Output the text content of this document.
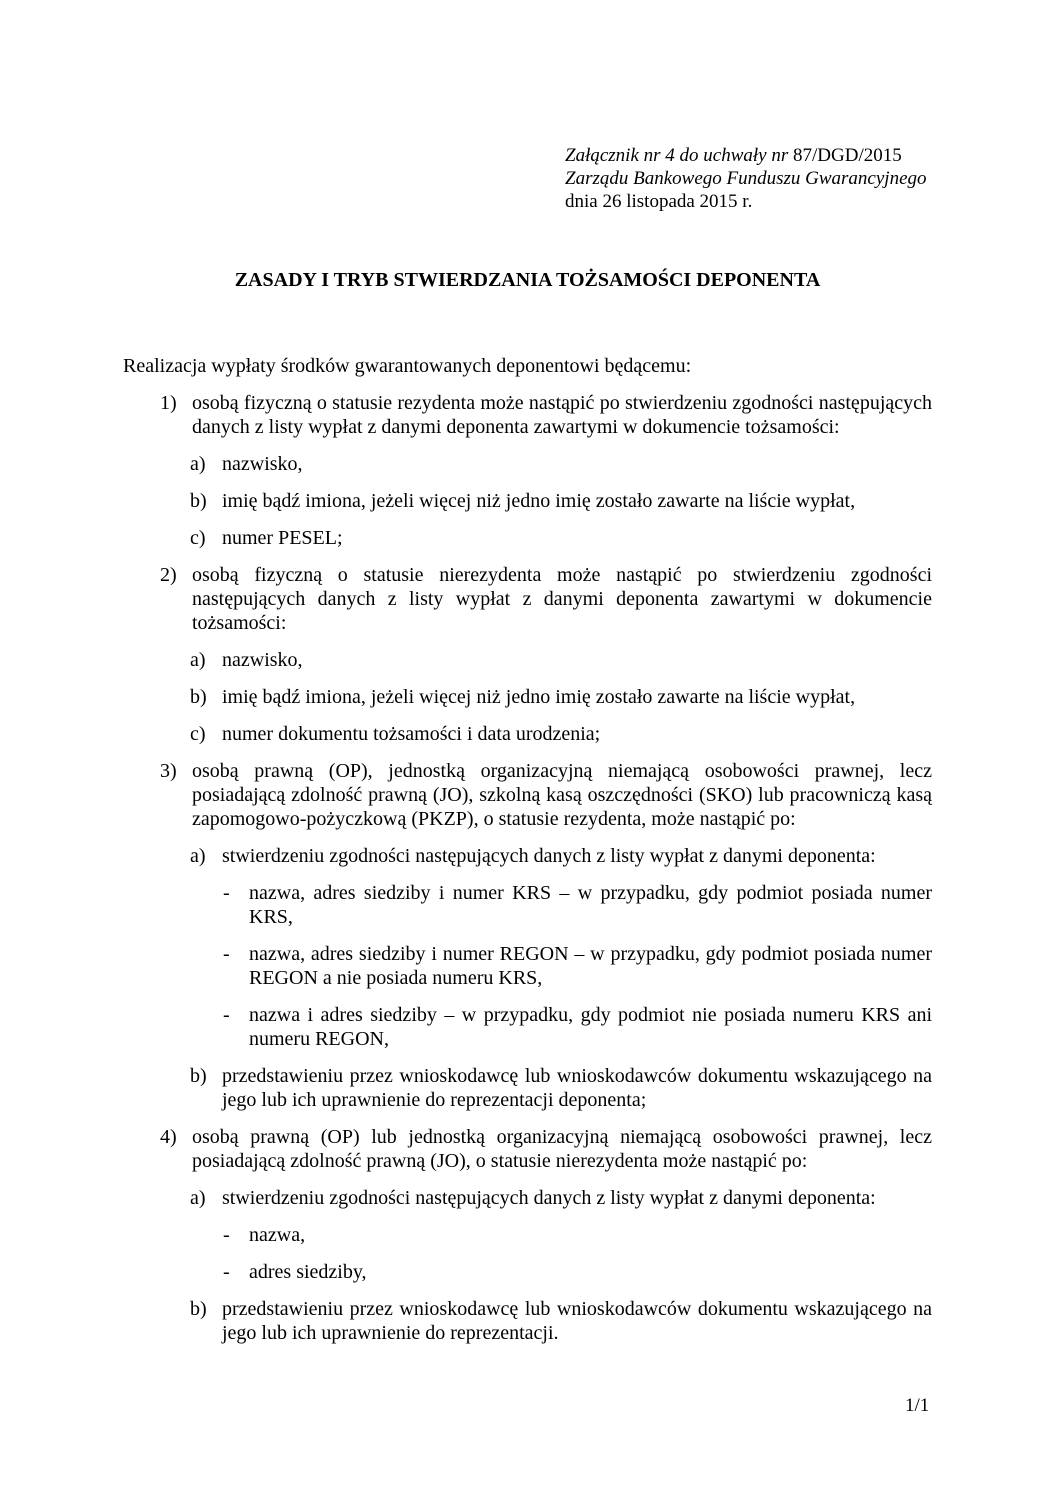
Załącznik nr 4 do uchwały nr 87/DGD/2015
Zarządu Bankowego Funduszu Gwarancyjnego
dnia 26 listopada 2015 r.
ZASADY I TRYB STWIERDZANIA TOŻSAMOŚCI DEPONENTA
Realizacja wypłaty środków gwarantowanych deponentowi będącemu:
1) osobą fizyczną o statusie rezydenta może nastąpić po stwierdzeniu zgodności następujących danych z listy wypłat z danymi deponenta zawartymi w dokumencie tożsamości:
a) nazwisko,
b) imię bądź imiona, jeżeli więcej niż jedno imię zostało zawarte na liście wypłat,
c) numer PESEL;
2) osobą fizyczną o statusie nierezydenta może nastąpić po stwierdzeniu zgodności następujących danych z listy wypłat z danymi deponenta zawartymi w dokumencie tożsamości:
a) nazwisko,
b) imię bądź imiona, jeżeli więcej niż jedno imię zostało zawarte na liście wypłat,
c) numer dokumentu tożsamości i data urodzenia;
3) osobą prawną (OP), jednostką organizacyjną niemającą osobowości prawnej, lecz posiadającą zdolność prawną (JO), szkolną kasą oszczędności (SKO) lub pracowniczą kasą zapomogowo-pożyczkową (PKZP), o statusie rezydenta, może nastąpić po:
a) stwierdzeniu zgodności następujących danych z listy wypłat z danymi deponenta:
- nazwa, adres siedziby i numer KRS – w przypadku, gdy podmiot posiada numer KRS,
- nazwa, adres siedziby i numer REGON – w przypadku, gdy podmiot posiada numer REGON a nie posiada numeru KRS,
- nazwa i adres siedziby – w przypadku, gdy podmiot nie posiada numeru KRS ani numeru REGON,
b) przedstawieniu przez wnioskodawcę lub wnioskodawców dokumentu wskazującego na jego lub ich uprawnienie do reprezentacji deponenta;
4) osobą prawną (OP) lub jednostką organizacyjną niemającą osobowości prawnej, lecz posiadającą zdolność prawną (JO), o statusie nierezydenta może nastąpić po:
a) stwierdzeniu zgodności następujących danych z listy wypłat z danymi deponenta:
- nazwa,
- adres siedziby,
b) przedstawieniu przez wnioskodawcę lub wnioskodawców dokumentu wskazującego na jego lub ich uprawnienie do reprezentacji.
1/1
